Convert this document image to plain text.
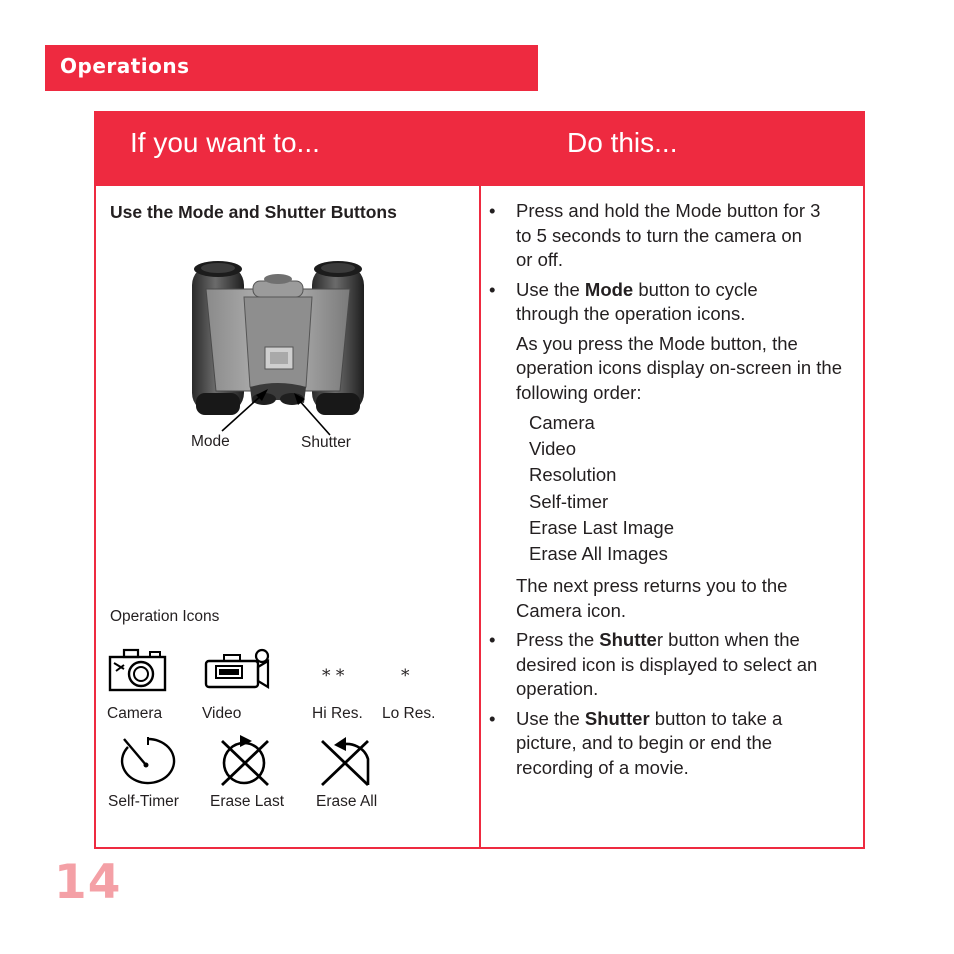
Operations
If you want to...	Do this...

Use the Mode and Shutter Buttons

Mode	Shutter
Operation Icons
Camera	Video
* *	*
Hi Res. Lo Res.
Self-Timer Erase Last Erase All
• Press and hold the Mode button for 3 to 5 seconds to turn the camera on or off.
• Use the Mode button to cycle through the operation icons.

As you press the Mode button, the operation icons display on-screen in the following order:

Camera
Video
Resolution
Self-timer
Erase Last Image
Erase All Images

The next press returns you to the Camera icon.

• Press the Shutter button when the desired icon is displayed to select an operation.
• Use the Shutter button to take a picture, and to begin or end the recording of a movie.
14
